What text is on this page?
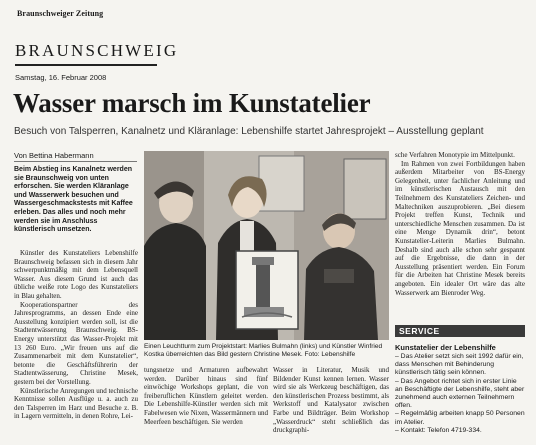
Braunschweiger Zeitung
BRAUNSCHWEIG
Samstag, 16. Februar 2008
Wasser marsch im Kunstatelier
Besuch von Talsperren, Kanalnetz und Kläranlage: Lebenshilfe startet Jahresprojekt – Ausstellung geplant
Von Bettina Habermann
Beim Abstieg ins Kanalnetz werden sie Braunschweig von unten erforschen. Sie werden Kläranlage und Wasserwerk besuchen und Wassergeschmackstests mit Kaffee erleben. Das alles und noch mehr werden sie im Anschluss künstlerisch umsetzen.

Künstler des Kunstateliers Lebenshilfe Braunschweig befassen sich in diesem Jahr schwerpunktmäßig mit dem Lebensquell Wasser. Aus diesem Grund ist auch das übliche weiße rote Logo des Kunstateliers in Blau gehalten.

Kooperationspartner des Jahresprogramms, an dessen Ende eine Ausstellung konzipiert werden soll, ist die Stadtentwässerung Braunschweig. BS-Energy unterstützt das Wasser-Projekt mit 13 260 Euro. „Wir freuen uns auf die Zusammenarbeit mit dem Kunstatelier“, betonte die Geschäftsführerin der Stadtentwässerung, Christine Mesek, gestern bei der Vorstellung.

Künstlerische Anregungen und technische Kenntnisse sollen Ausflüge u. a. auch zu den Talsperren im Harz und Besuche z. B. in Lagern vermitteln, in denen Rohre, Lei-

Einen Leuchtturm zum Projektstart: Marlies Bulmahn (links) und Künstler Winfried Kostka überreichten das Bild gestern Christine Mesek. Foto: Lebenshilfe
tungsnetze und Armaturen aufbewahrt werden. Darüber hinaus sind fünf einwöchige Workshops geplant, die von freiberuflichen Künstlern geleitet werden. Die Lebenshilfe-Künstler werden sich mit Fabelwesen wie Nixen, Wassermännern und Meerfeen beschäftigen. Sie werden
Wasser in Literatur, Musik und Bildender Kunst kennen lernen. Wasser wird sie als Werkzeug beschäftigen, das den künstlerischen Prozess bestimmt, als Werkstoff und Katalysator zwischen Farbe und Bildträger. Beim Workshop „Wasserdruck“ steht schließlich das druckgraphi-

sche Verfahren Monotypie im Mittelpunkt.

Im Rahmen von zwei Fortbildungen haben außerdem Mitarbeiter von BS-Energy Gelegenheit, unter fachlicher Anleitung und im künstlerischen Austausch mit den Teilnehmern des Kunstateliers Zeichen- und Maltechniken auszuprobieren. „Bei diesem Projekt treffen Kunst, Technik und unterschiedliche Menschen zusammen. Da ist eine Menge Dynamik drin“, betont Kunstatelier-Leiterin Marlies Bulmahn. Deshalb sind auch alle schon sehr gespannt auf die Ergebnisse, die dann in der Ausstellung präsentiert werden. Ein Forum für die Arbeiten hat Christine Mesek bereits angeboten. Ein idealer Ort wäre das alte Wasserwerk am Bienroder Weg.

SERVICE
Kunstatelier der Lebenshilfe
– Das Atelier setzt sich seit 1992 dafür ein, dass Menschen mit Behinderung künstlerisch tätig sein können.
– Das Angebot richtet sich in erster Linie an Beschäftigte der Lebenshilfe, steht aber zunehmend auch externen Teilnehmern offen.
– Regelmäßig arbeiten knapp 50 Personen im Atelier.
– Kontakt: Telefon 4719-334.
